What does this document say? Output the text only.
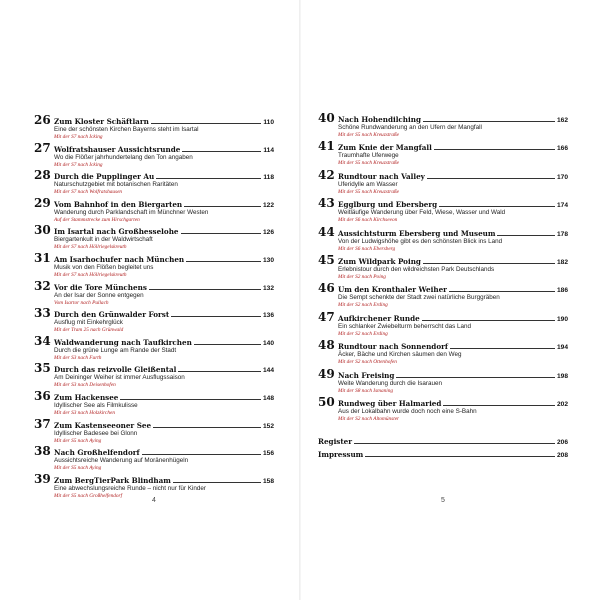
26 Zum Kloster Schäftlarn	110
Eine der schönsten Kirchen Bayerns steht im Isartal
Mit der S7 nach Icking
27 Wolfratshauser Aussichtsrunde	114
Wo die Flößer jahrhundertelang den Ton angaben
Mit der S7 nach Icking
28 Durch die Pupplinger Au	118
Naturschutzgebiet mit botanischen Raritäten
Mit der S7 nach Wolfratshausen
29 Vom Bahnhof in den Biergarten	122
Wanderung durch Parklandschaft im Münchner Westen
Auf der Stammstrecke zum Hirschgarten
30 Im Isartal nach Großhesselohe	126
Biergartenkult in der Waldwirtschaft
Mit der S7 nach Höllriegelskreuth
31 Am Isarhochufer nach München	130
Musik von den Flößen begleitet uns
Mit der S7 nach Höllriegelskreuth
32 Vor die Tore Münchens	132
An der Isar der Sonne entgegen
Vom Isartor nach Pullach
33 Durch den Grünwalder Forst	136
Ausflug mit Einkehrglück
Mit der Tram 25 nach Grünwald
34 Waldwanderung nach Taufkirchen	140
Durch die grüne Lunge am Rande der Stadt
Mit der S3 nach Furth
35 Durch das reizvolle Gleißental	144
Am Deininger Weiher ist immer Ausflugssaison
Mit der S3 nach Deisenhofen
36 Zum Hackensee	148
Idyllischer See als Filmkulisse
Mit der S3 nach Holzkirchen
37 Zum Kastenseeoner See	152
Idyllischer Badesee bei Glonn
Mit der S5 nach Aying
38 Nach Großhelfendorf	156
Aussichtsreiche Wanderung auf Moränenhügeln
Mit der S5 nach Aying
39 Zum BergTierPark Blindham	158
Eine abwechslungsreiche Runde – nicht nur für Kinder
Mit der S5 nach Großhelfendorf
40 Nach Hohendilching	162
Schöne Rundwanderung an den Ufern der Mangfall
Mit der S5 nach Kreuzstraße
41 Zum Knie der Mangfall	166
Traumhafte Uferwege
Mit der S5 nach Kreuzstraße
42 Rundtour nach Valley	170
Uferidylle am Wasser
Mit der S5 nach Kreuzstraße
43 Egglburg und Ebersberg	174
Weitläufige Wanderung über Feld, Wiese, Wasser und Wald
Mit der S6 nach Kirchseeon
44 Aussichtsturm Ebersberg und Museum	178
Von der Ludwigshöhe gibt es den schönsten Blick ins Land
Mit der S6 nach Ebersberg
45 Zum Wildpark Poing	182
Erlebnistour durch den wildreichsten Park Deutschlands
Mit der S2 nach Poing
46 Um den Kronthaler Weiher	186
Die Sempt schenkte der Stadt zwei natürliche Burggräben
Mit der S2 nach Erding
47 Aufkirchener Runde	190
Ein schlanker Zwiebelturm beherrscht das Land
Mit der S2 nach Erding
48 Rundtour nach Sonnendorf	194
Äcker, Bäche und Kirchen säumen den Weg
Mit der S2 nach Ottenhofen
49 Nach Freising	198
Weite Wanderung durch die Isarauen
Mit der S8 nach Ismaning
50 Rundweg über Halmaried	202
Aus der Lokalbahn wurde doch noch eine S-Bahn
Mit der S2 nach Altomünster
Register	206
Impressum	208
4	5
